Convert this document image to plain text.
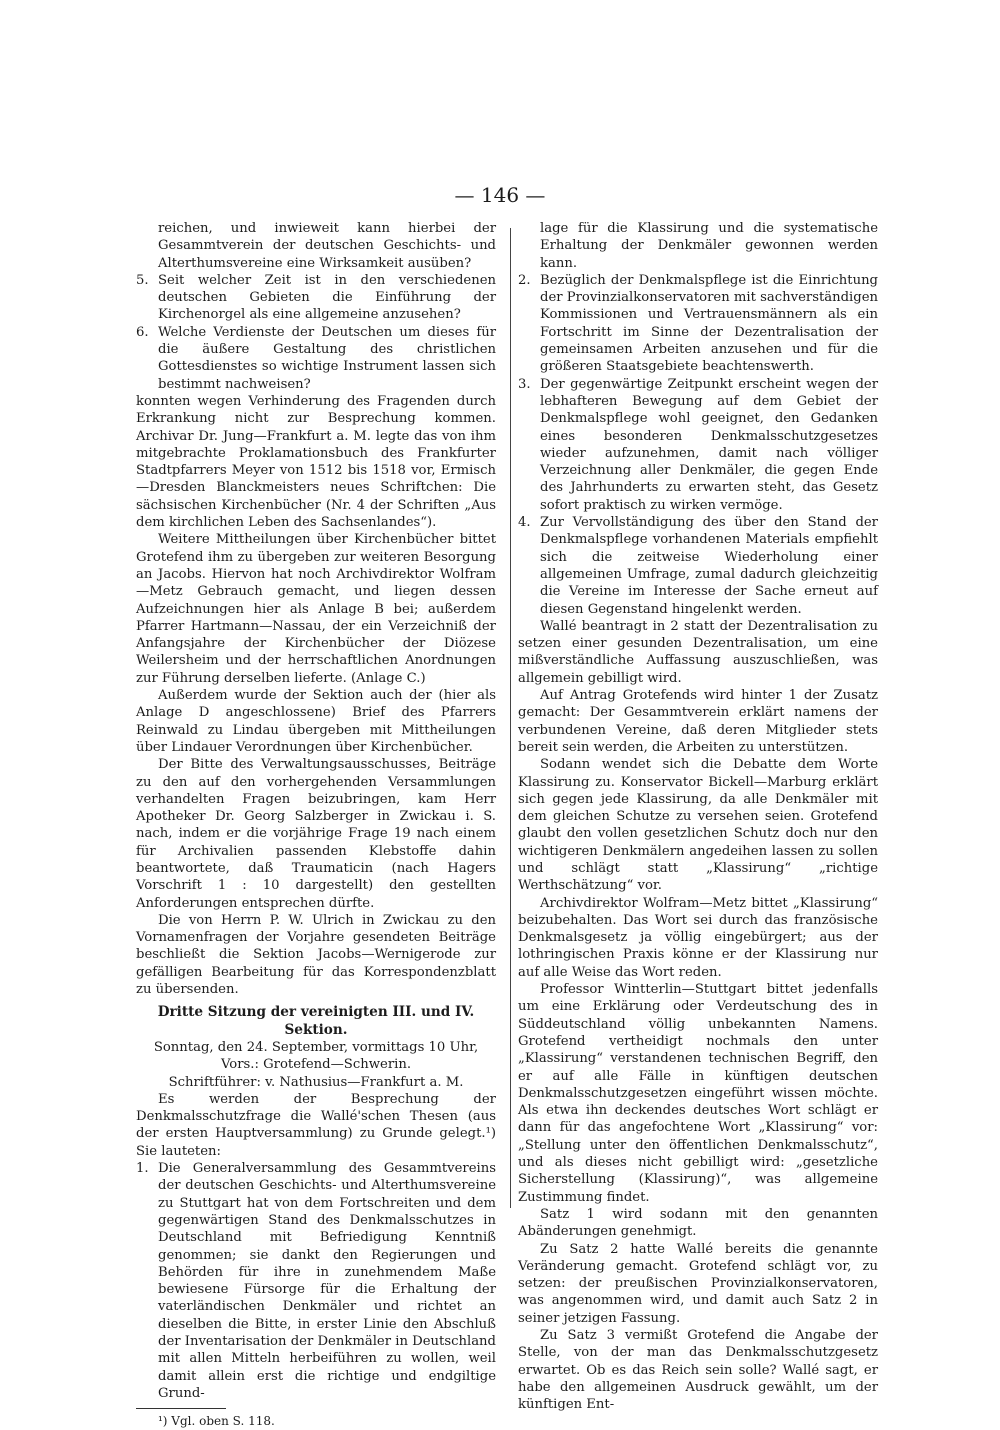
— 146 —

reichen, und inwieweit kann hierbei der Gesammtverein der deutschen Geschichts- und Alterthumsvereine eine Wirksamkeit ausüben?

5. Seit welcher Zeit ist in den verschiedenen deutschen Gebieten die Einführung der Kirchenorgel als eine allgemeine anzusehen?
6. Welche Verdienste der Deutschen um dieses für die äußere Gestaltung des christlichen Gottesdienstes so wichtige Instrument lassen sich bestimmt nachweisen?

konnten wegen Verhinderung des Fragenden durch Erkrankung nicht zur Besprechung kommen. Archivar Dr. Jung—Frankfurt a. M. legte das von ihm mitgebrachte Proklamationsbuch des Frankfurter Stadtpfarrers Meyer von 1512 bis 1518 vor, Ermisch—Dresden Blanckmeisters neues Schriftchen: Die sächsischen Kirchenbücher (Nr. 4 der Schriften „Aus dem kirchlichen Leben des Sachsenlandes“).

Weitere Mittheilungen über Kirchenbücher bittet Grotefend ihm zu übergeben zur weiteren Besorgung an Jacobs. Hiervon hat noch Archivdirektor Wolfram—Metz Gebrauch gemacht, und liegen dessen Aufzeichnungen hier als Anlage B bei; außerdem Pfarrer Hartmann—Nassau, der ein Verzeichniß der Anfangsjahre der Kirchenbücher der Diözese Weilersheim und der herrschaftlichen Anordnungen zur Führung derselben lieferte. (Anlage C.)

Außerdem wurde der Sektion auch der (hier als Anlage D angeschlossene) Brief des Pfarrers Reinwald zu Lindau übergeben mit Mittheilungen über Lindauer Verordnungen über Kirchenbücher.

Der Bitte des Verwaltungsausschusses, Beiträge zu den auf den vorhergehenden Versammlungen verhandelten Fragen beizubringen, kam Herr Apotheker Dr. Georg Salzberger in Zwickau i. S. nach, indem er die vorjährige Frage 19 nach einem für Archivalien passenden Klebstoffe dahin beantwortete, daß Traumaticin (nach Hagers Vorschrift 1 : 10 dargestellt) den gestellten Anforderungen entsprechen dürfte.

Die von Herrn P. W. Ulrich in Zwickau zu den Vornamenfragen der Vorjahre gesendeten Beiträge beschließt die Sektion Jacobs—Wernigerode zur gefälligen Bearbeitung für das Korrespondenzblatt zu übersenden.

Dritte Sitzung der vereinigten III. und IV. Sektion.
Sonntag, den 24. September, vormittags 10 Uhr,
Vors.: Grotefend—Schwerin.
Schriftführer: v. Nathusius—Frankfurt a. M.

Es werden der Besprechung der Denkmalsschutzfrage die Wallé'schen Thesen (aus der ersten Hauptversammlung) zu Grunde gelegt.¹) Sie lauteten:

1. Die Generalversammlung des Gesammtvereins der deutschen Geschichts- und Alterthumsvereine zu Stuttgart hat von dem Fortschreiten und dem gegenwärtigen Stand des Denkmalsschutzes in Deutschland mit Befriedigung Kenntniß genommen; sie dankt den Regierungen und Behörden für ihre in zunehmendem Maße bewiesene Fürsorge für die Erhaltung der vaterländischen Denkmäler und richtet an dieselben die Bitte, in erster Linie den Abschluß der Inventarisation der Denkmäler in Deutschland mit allen Mitteln herbeiführen zu wollen, weil damit allein erst die richtige und endgiltige Grund-
¹) Vgl. oben S. 118.

lage für die Klassirung und die systematische Erhaltung der Denkmäler gewonnen werden kann.

2. Bezüglich der Denkmalspflege ist die Einrichtung der Provinzialkonservatoren mit sachverständigen Kommissionen und Vertrauensmännern als ein Fortschritt im Sinne der Dezentralisation der gemeinsamen Arbeiten anzusehen und für die größeren Staatsgebiete beachtenswerth.
3. Der gegenwärtige Zeitpunkt erscheint wegen der lebhafteren Bewegung auf dem Gebiet der Denkmalspflege wohl geeignet, den Gedanken eines besonderen Denkmalsschutzgesetzes wieder aufzunehmen, damit nach völliger Verzeichnung aller Denkmäler, die gegen Ende des Jahrhunderts zu erwarten steht, das Gesetz sofort praktisch zu wirken vermöge.
4. Zur Vervollständigung des über den Stand der Denkmalspflege vorhandenen Materials empfiehlt sich die zeitweise Wiederholung einer allgemeinen Umfrage, zumal dadurch gleichzeitig die Vereine im Interesse der Sache erneut auf diesen Gegenstand hingelenkt werden.

Wallé beantragt in 2 statt der Dezentralisation zu setzen einer gesunden Dezentralisation, um eine mißverständliche Auffassung auszuschließen, was allgemein gebilligt wird.

Auf Antrag Grotefends wird hinter 1 der Zusatz gemacht: Der Gesammtverein erklärt namens der verbundenen Vereine, daß deren Mitglieder stets bereit sein werden, die Arbeiten zu unterstützen.

Sodann wendet sich die Debatte dem Worte Klassirung zu. Konservator Bickell—Marburg erklärt sich gegen jede Klassirung, da alle Denkmäler mit dem gleichen Schutze zu versehen seien. Grotefend glaubt den vollen gesetzlichen Schutz doch nur den wichtigeren Denkmälern angedeihen lassen zu sollen und schlägt statt „Klassirung“ „richtige Werthschätzung“ vor.

Archivdirektor Wolfram—Metz bittet „Klassirung“ beizubehalten. Das Wort sei durch das französische Denkmalsgesetz ja völlig eingebürgert; aus der lothringischen Praxis könne er der Klassirung nur auf alle Weise das Wort reden.

Professor Wintterlin—Stuttgart bittet jedenfalls um eine Erklärung oder Verdeutschung des in Süddeutschland völlig unbekannten Namens. Grotefend vertheidigt nochmals den unter „Klassirung“ verstandenen technischen Begriff, den er auf alle Fälle in künftigen deutschen Denkmalsschutzgesetzen eingeführt wissen möchte. Als etwa ihn deckendes deutsches Wort schlägt er dann für das angefochtene Wort „Klassirung“ vor: „Stellung unter den öffentlichen Denkmalsschutz“, und als dieses nicht gebilligt wird: „gesetzliche Sicherstellung (Klassirung)“, was allgemeine Zustimmung findet.

Satz 1 wird sodann mit den genannten Abänderungen genehmigt.

Zu Satz 2 hatte Wallé bereits die genannte Veränderung gemacht. Grotefend schlägt vor, zu setzen: der preußischen Provinzialkonservatoren, was angenommen wird, und damit auch Satz 2 in seiner jetzigen Fassung.

Zu Satz 3 vermißt Grotefend die Angabe der Stelle, von der man das Denkmalsschutzgesetz erwartet. Ob es das Reich sein solle? Wallé sagt, er habe den allgemeinen Ausdruck gewählt, um der künftigen Ent-
